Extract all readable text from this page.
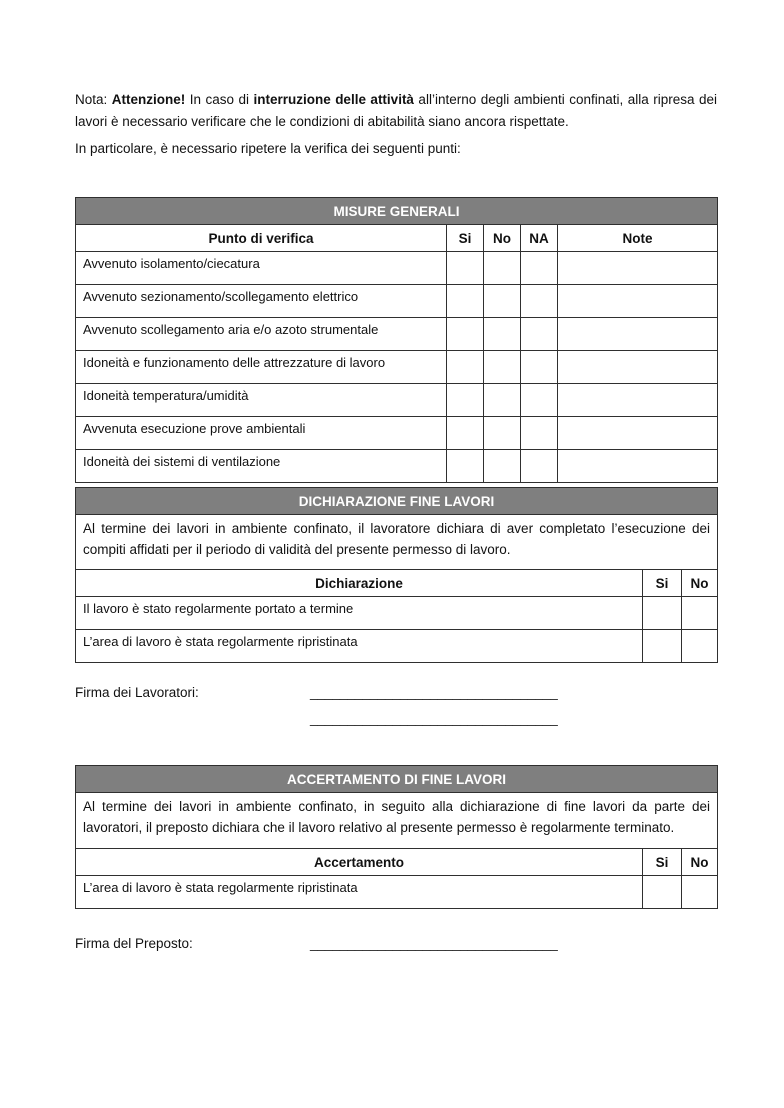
Nota: Attenzione! In caso di interruzione delle attività all’interno degli ambienti confinati, alla ripresa dei lavori è necessario verificare che le condizioni di abitabilità siano ancora rispettate.

In particolare, è necessario ripetere la verifica dei seguenti punti:

MISURE GENERALI				
Punto di verifica	Si	No	NA	Note
Avvenuto isolamento/ciecatura				
Avvenuto sezionamento/scollegamento elettrico				
Avvenuto scollegamento aria e/o azoto strumentale				
Idoneità e funzionamento delle attrezzature di lavoro				
Idoneità temperatura/umidità				
Avvenuta esecuzione prove ambientali				
Idoneità dei sistemi di ventilazione				
DICHIARAZIONE FINE LAVORI		
Al termine dei lavori in ambiente confinato, il lavoratore dichiara di aver completato l’esecuzione dei compiti affidati per il periodo di validità del presente permesso di lavoro.		
Dichiarazione	Si	No
Il lavoro è stato regolarmente portato a termine		
L’area di lavoro è stata regolarmente ripristinata		
Firma dei Lavoratori:	_________________________________
_________________________________
ACCERTAMENTO DI FINE LAVORI		
Al termine dei lavori in ambiente confinato, in seguito alla dichiarazione di fine lavori da parte dei lavoratori, il preposto dichiara che il lavoro relativo al presente permesso è regolarmente terminato.		
Accertamento	Si	No
L’area di lavoro è stata regolarmente ripristinata		
Firma del Preposto:	_________________________________
